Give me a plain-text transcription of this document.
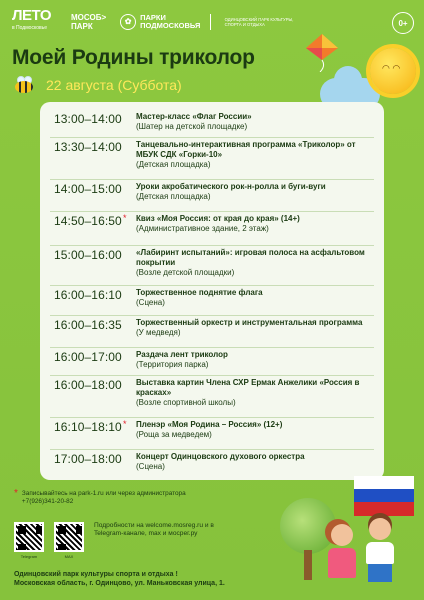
ЛЕТО
в Подмосковье
МОСОБ>
ПАРК
✿	ПАРКИ
ПОДМОСКОВЬЯ
ОДИНЦОВСКИЙ ПАРК КУЛЬТУРЫ, СПОРТА И ОТДЫХА	0+
Моей Родины триколор
22 августа (Суббота)
◠ ◠
13:00–14:00 Мастер-класс «Флаг России»
(Шатер на детской площадке)
13:30–14:00 Танцевально-интерактивная программа «Триколор» от МБУК СДК «Горки-10»
(Детская площадка)
14:00–15:00 Уроки акробатического рок-н-ролла и буги-вуги
(Детская площадка)
14:50–16:50 * Квиз «Моя Россия: от края до края» (14+)
(Административное здание, 2 этаж)
15:00–16:00 «Лабиринт испытаний»: игровая полоса на асфальтовом покрытии
(Возле детской площадки)
16:00–16:10 Торжественное поднятие флага
(Сцена)
16:00–16:35 Торжественный оркестр и инструментальная программа
(У медведя)
16:00–17:00 Раздача лент триколор
(Территория парка)
16:00–18:00 Выставка картин Члена СХР Ермак Анжелики «Россия в красках»
(Возле спортивной школы)
16:10–18:10 * Пленэр «Моя Родина – Россия» (12+)
(Роща за медведем)
17:00–18:00 Концерт Одинцовского духового оркестра
(Сцена)
* Записывайтесь на park-1.ru или через администратора +7(926)341-20-82
Telegram	MAX
Подробности на welcome.mosreg.ru и в Telegram-канале, max и мосрег.ру
Одинцовский парк культуры спорта и отдыха !
Московская область, г. Одинцово, ул. Маньковская улица, 1.
